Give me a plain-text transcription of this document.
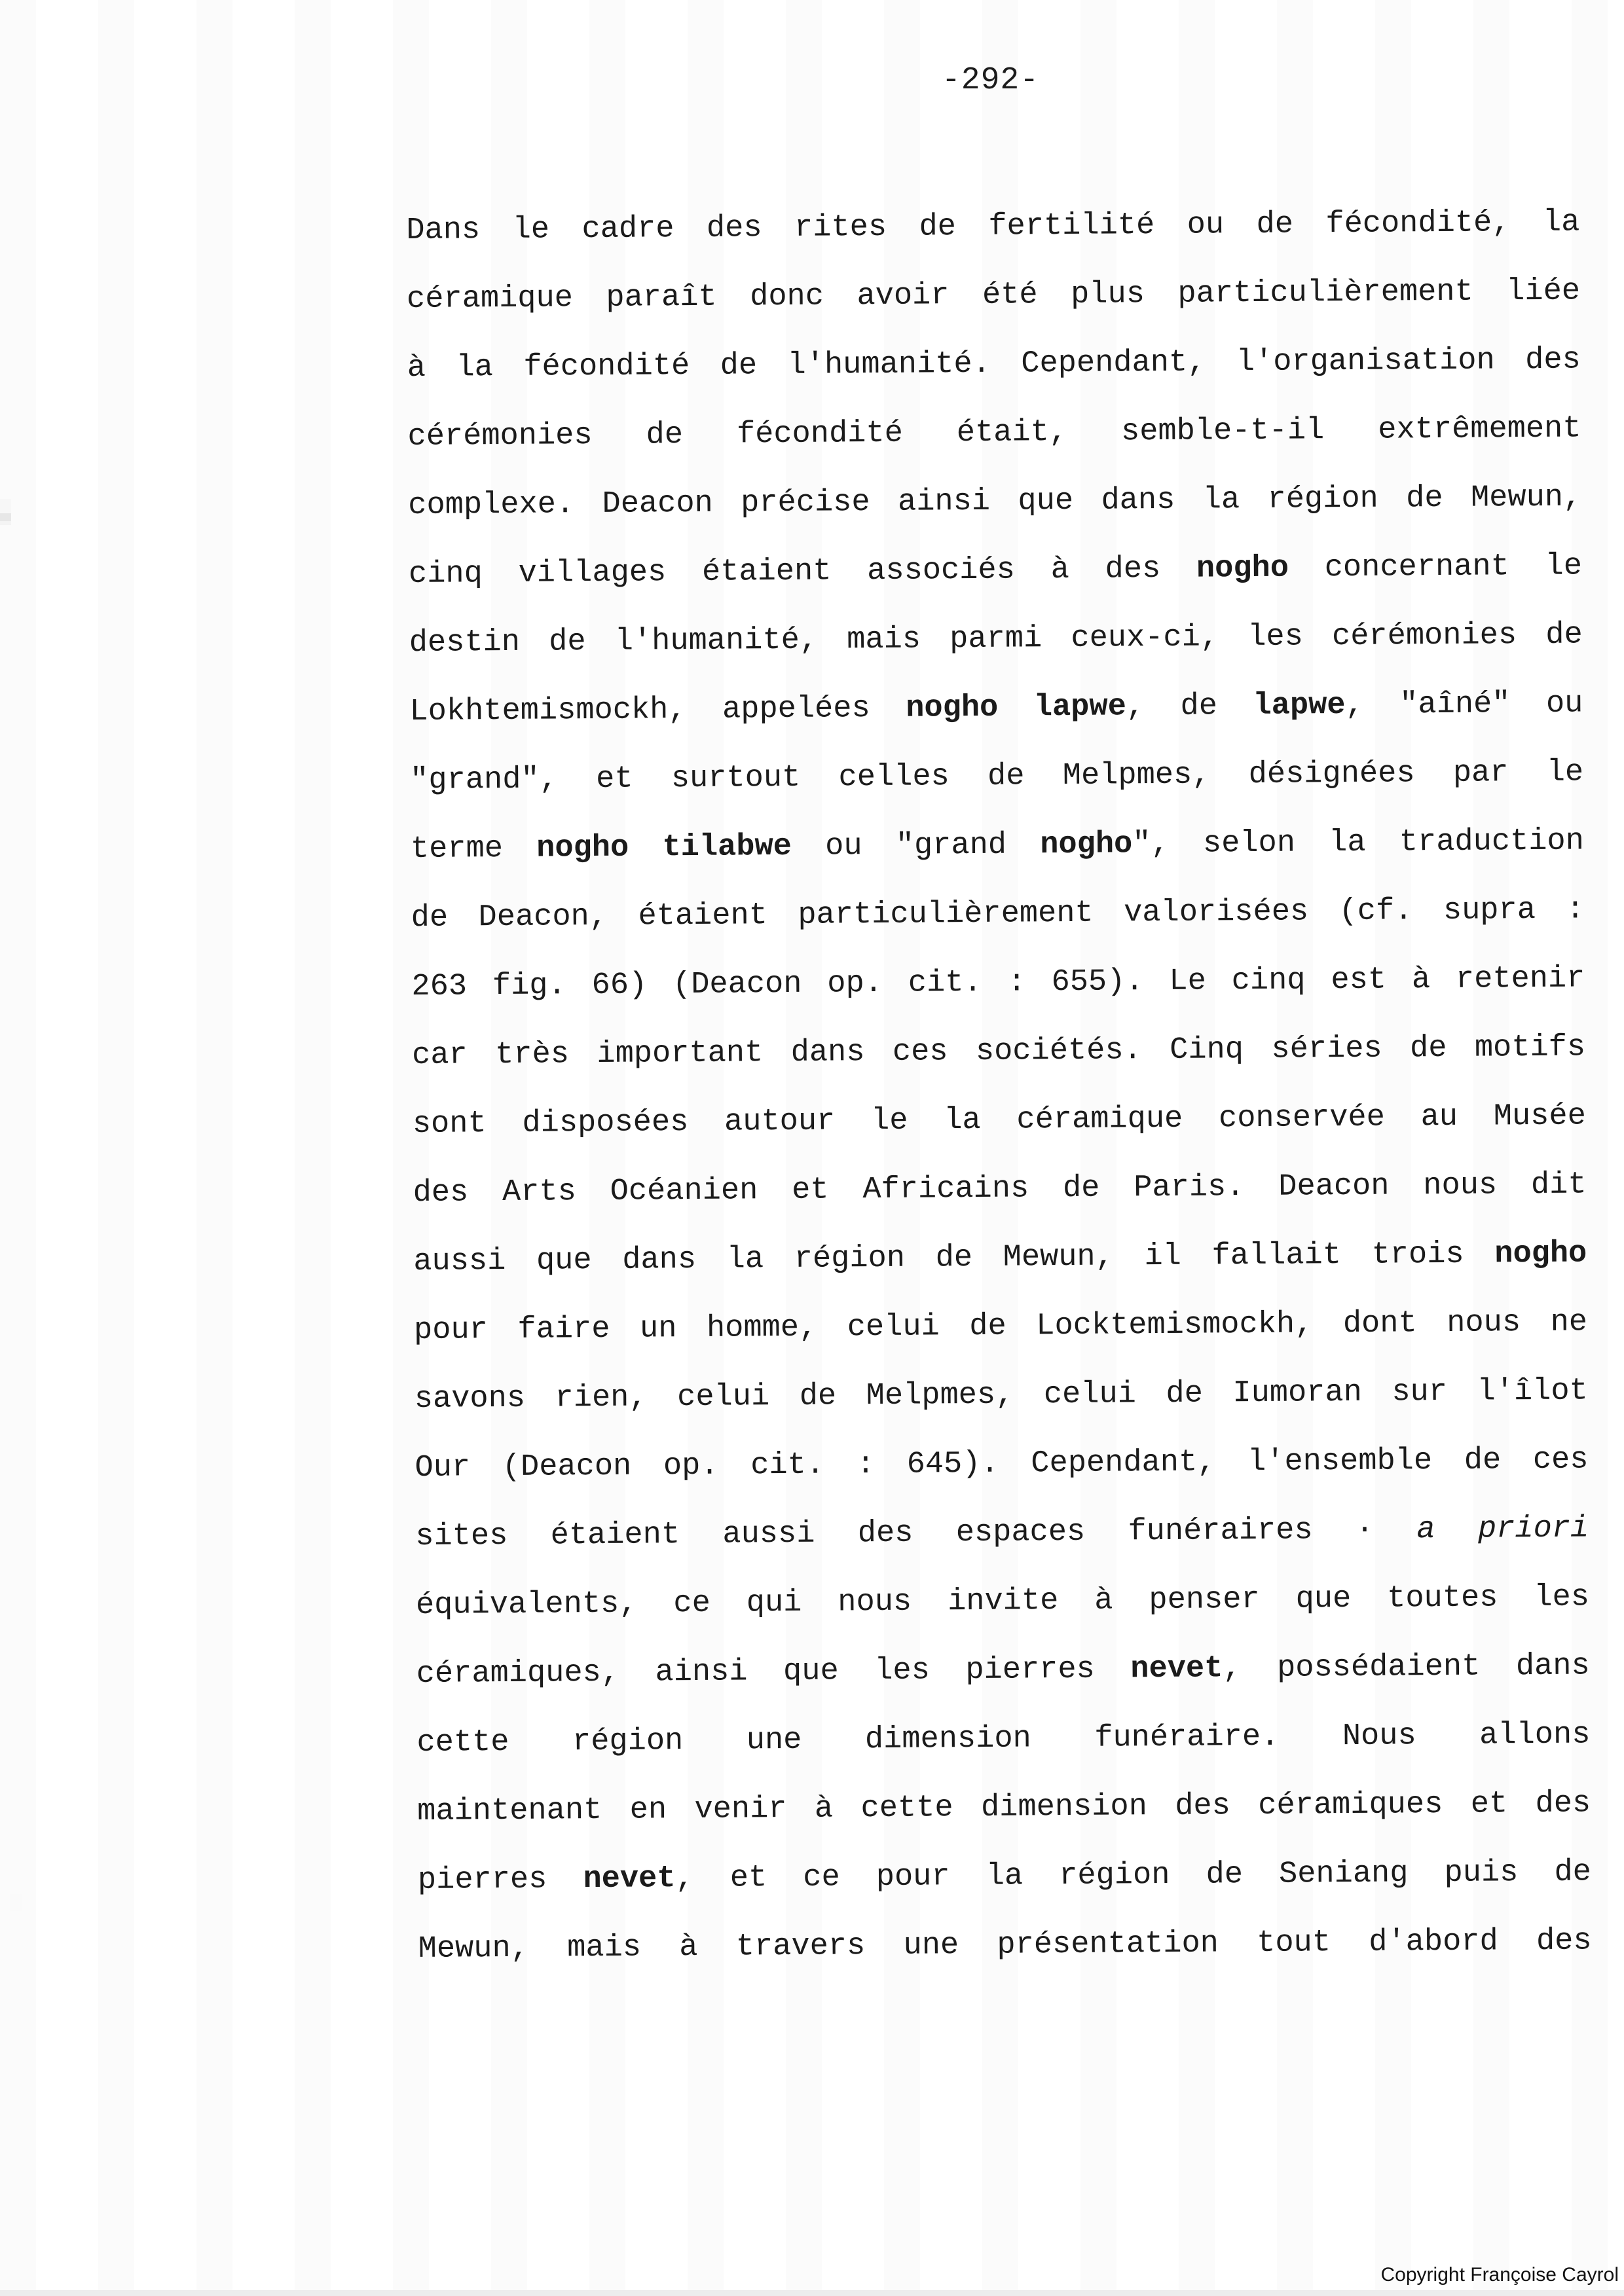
-292-
Dans le cadre des rites de fertilité ou de fécondité, la
céramique paraît donc avoir été plus particulièrement liée
à la fécondité de l'humanité. Cependant, l'organisation des
cérémonies de fécondité était, semble-t-il extrêmement
complexe. Deacon précise ainsi que dans la région de Mewun,
cinq villages étaient associés à des nogho concernant le
destin de l'humanité, mais parmi ceux-ci, les cérémonies de
Lokhtemismockh, appelées nogho lapwe, de lapwe, "aîné" ou
"grand", et surtout celles de Melpmes, désignées par le
terme nogho tilabwe ou "grand nogho", selon la traduction
de Deacon, étaient particulièrement valorisées (cf. supra :
263 fig. 66) (Deacon op. cit. : 655). Le cinq est à retenir
car très important dans ces sociétés. Cinq séries de motifs
sont disposées autour le la céramique conservée au Musée
des Arts Océanien et Africains de Paris. Deacon nous dit
aussi que dans la région de Mewun, il fallait trois nogho
pour faire un homme, celui de Locktemismockh, dont nous ne
savons rien, celui de Melpmes, celui de Iumoran sur l'îlot
Our (Deacon op. cit. : 645). Cependant, l'ensemble de ces
sites étaient aussi des espaces funéraires · a priori
équivalents, ce qui nous invite à penser que toutes les
céramiques, ainsi que les pierres nevet, possédaient dans
cette région une dimension funéraire. Nous allons
maintenant en venir à cette dimension des céramiques et des
pierres nevet, et ce pour la région de Seniang puis de
Mewun, mais à travers une présentation tout d'abord des
Copyright Françoise Cayrol
